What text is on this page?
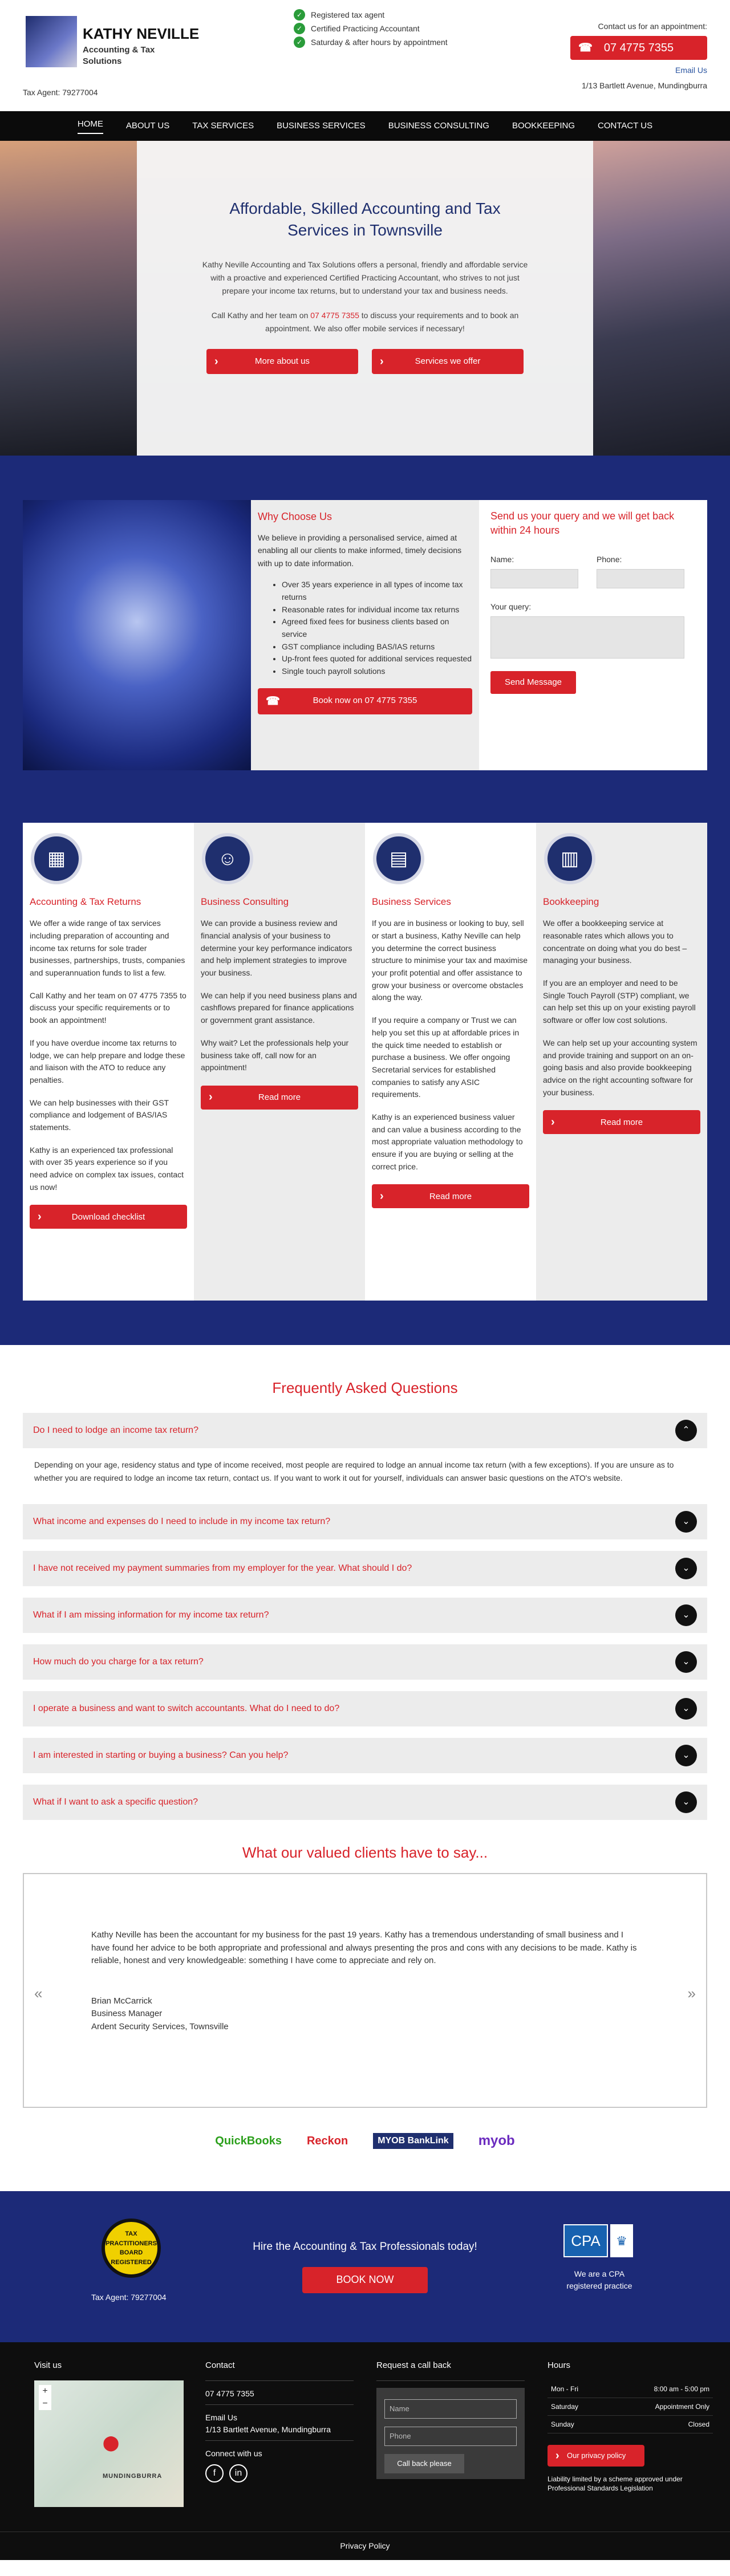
KATHY NEVILLE
Accounting & Tax Solutions
Tax Agent: 79277004
✓	Registered tax agent
✓	Certified Practicing Accountant
✓	Saturday & after hours by appointment
Contact us for an appointment:
☎ 07 4775 7355
Email Us
1/13 Bartlett Avenue, Mundingburra
HOME	ABOUT US	TAX SERVICES	BUSINESS SERVICES	BUSINESS CONSULTING	BOOKKEEPING	CONTACT US
Affordable, Skilled Accounting and Tax Services in Townsville

Kathy Neville Accounting and Tax Solutions offers a personal, friendly and affordable service with a proactive and experienced Certified Practicing Accountant, who strives to not just prepare your income tax returns, but to understand your tax and business needs.

Call Kathy and her team on 07 4775 7355 to discuss your requirements and to book an appointment. We also offer mobile services if necessary!

›	More about us	›	Services we offer
Why Choose Us

We believe in providing a personalised service, aimed at enabling all our clients to make informed, timely decisions with up to date information.

• Over 35 years experience in all types of income tax returns
• Reasonable rates for individual income tax returns
• Agreed fixed fees for business clients based on service
• GST compliance including BAS/IAS returns
• Up-front fees quoted for additional services requested
• Single touch payroll solutions
☎	Book now on 07 4775 7355
Send us your query and we will get back within 24 hours
Name:	Phone:
Your query:
Send Message
▦
Accounting & Tax Returns

We offer a wide range of tax services including preparation of accounting and income tax returns for sole trader businesses, partnerships, trusts, companies and superannuation funds to list a few.

Call Kathy and her team on 07 4775 7355 to discuss your specific requirements or to book an appointment!

If you have overdue income tax returns to lodge, we can help prepare and lodge these and liaison with the ATO to reduce any penalties.

We can help businesses with their GST compliance and lodgement of BAS/IAS statements.

Kathy is an experienced tax professional with over 35 years experience so if you need advice on complex tax issues, contact us now!

›	Download checklist
☺
Business Consulting

We can provide a business review and financial analysis of your business to determine your key performance indicators and help implement strategies to improve your business.

We can help if you need business plans and cashflows prepared for finance applications or government grant assistance.

Why wait? Let the professionals help your business take off, call now for an appointment!

›	Read more
▤
Business Services

If you are in business or looking to buy, sell or start a business, Kathy Neville can help you determine the correct business structure to minimise your tax and maximise your profit potential and offer assistance to grow your business or overcome obstacles along the way.

If you require a company or Trust we can help you set this up at affordable prices in the quick time needed to establish or purchase a business. We offer ongoing Secretarial services for established companies to satisfy any ASIC requirements.

Kathy is an experienced business valuer and can value a business according to the most appropriate valuation methodology to ensure if you are buying or selling at the correct price.

›	Read more
▥
Bookkeeping

We offer a bookkeeping service at reasonable rates which allows you to concentrate on doing what you do best – managing your business.

If you are an employer and need to be Single Touch Payroll (STP) compliant, we can help set this up on your existing payroll software or offer low cost solutions.

We can help set up your accounting system and provide training and support on an on-going basis and also provide bookkeeping advice on the right accounting software for your business.

›	Read more
Frequently Asked Questions
Do I need to lodge an income tax return?	⌃

Depending on your age, residency status and type of income received, most people are required to lodge an annual income tax return (with a few exceptions). If you are unsure as to whether you are required to lodge an income tax return, contact us. If you want to work it out for yourself, individuals can answer basic questions on the ATO's website.

What income and expenses do I need to include in my income tax return?	⌄
I have not received my payment summaries from my employer for the year. What should I do?	⌄
What if I am missing information for my income tax return?	⌄
How much do you charge for a tax return?	⌄
I operate a business and want to switch accountants. What do I need to do?	⌄
I am interested in starting or buying a business? Can you help?	⌄
What if I want to ask a specific question?	⌄
What our valued clients have to say...
«	»

Kathy Neville has been the accountant for my business for the past 19 years. Kathy has a tremendous understanding of small business and I have found her advice to be both appropriate and professional and always presenting the pros and cons with any decisions to be made. Kathy is reliable, honest and very knowledgeable: something I have come to appreciate and rely on.

Brian McCarrick
Business Manager
Ardent Security Services, Townsville
QuickBooks Reckon	MYOB BankLink	myob
TAX PRACTITIONERS BOARD REGISTERED
Tax Agent: 79277004
Hire the Accounting & Tax Professionals today!
BOOK NOW
CPA	♛
We are a CPA registered practice
Visit us
+
−
⬤
MUNDINGBURRA
Contact
07 4775 7355
Email Us
1/13 Bartlett Avenue, Mundingburra
Connect with us
f	in
Request a call back
Name
Phone
Call back please
Hours
Mon - Fri	8:00 am - 5:00 pm
Saturday	Appointment Only
Sunday	Closed
› Our privacy policy
Liability limited by a scheme approved under Professional Standards Legislation
Privacy Policy
